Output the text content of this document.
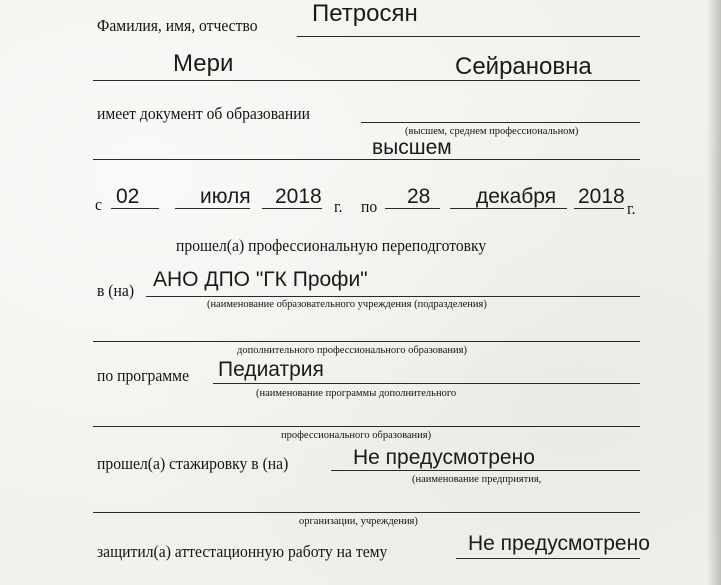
Фамилия, имя, отчество Петросян
Мери	Сейрановна
имеет документ об образовании
(высшем, среднем профессиональном)
высшем
с 02	июля 2018 г. по 28 декабря 2018
г.
прошел(а) профессиональную переподготовку
в (на) АНО ДПО "ГК Профи"
(наименование образовательного учреждения (подразделения)
дополнительного профессионального образования)
по программе Педиатрия
(наименование программы дополнительного
профессионального образования)
прошел(а) стажировку в (на)	Не предусмотрено
(наименование предприятия,
организации, учреждения)
защитил(а) аттестационную работу на тему	Не предусмотрено
